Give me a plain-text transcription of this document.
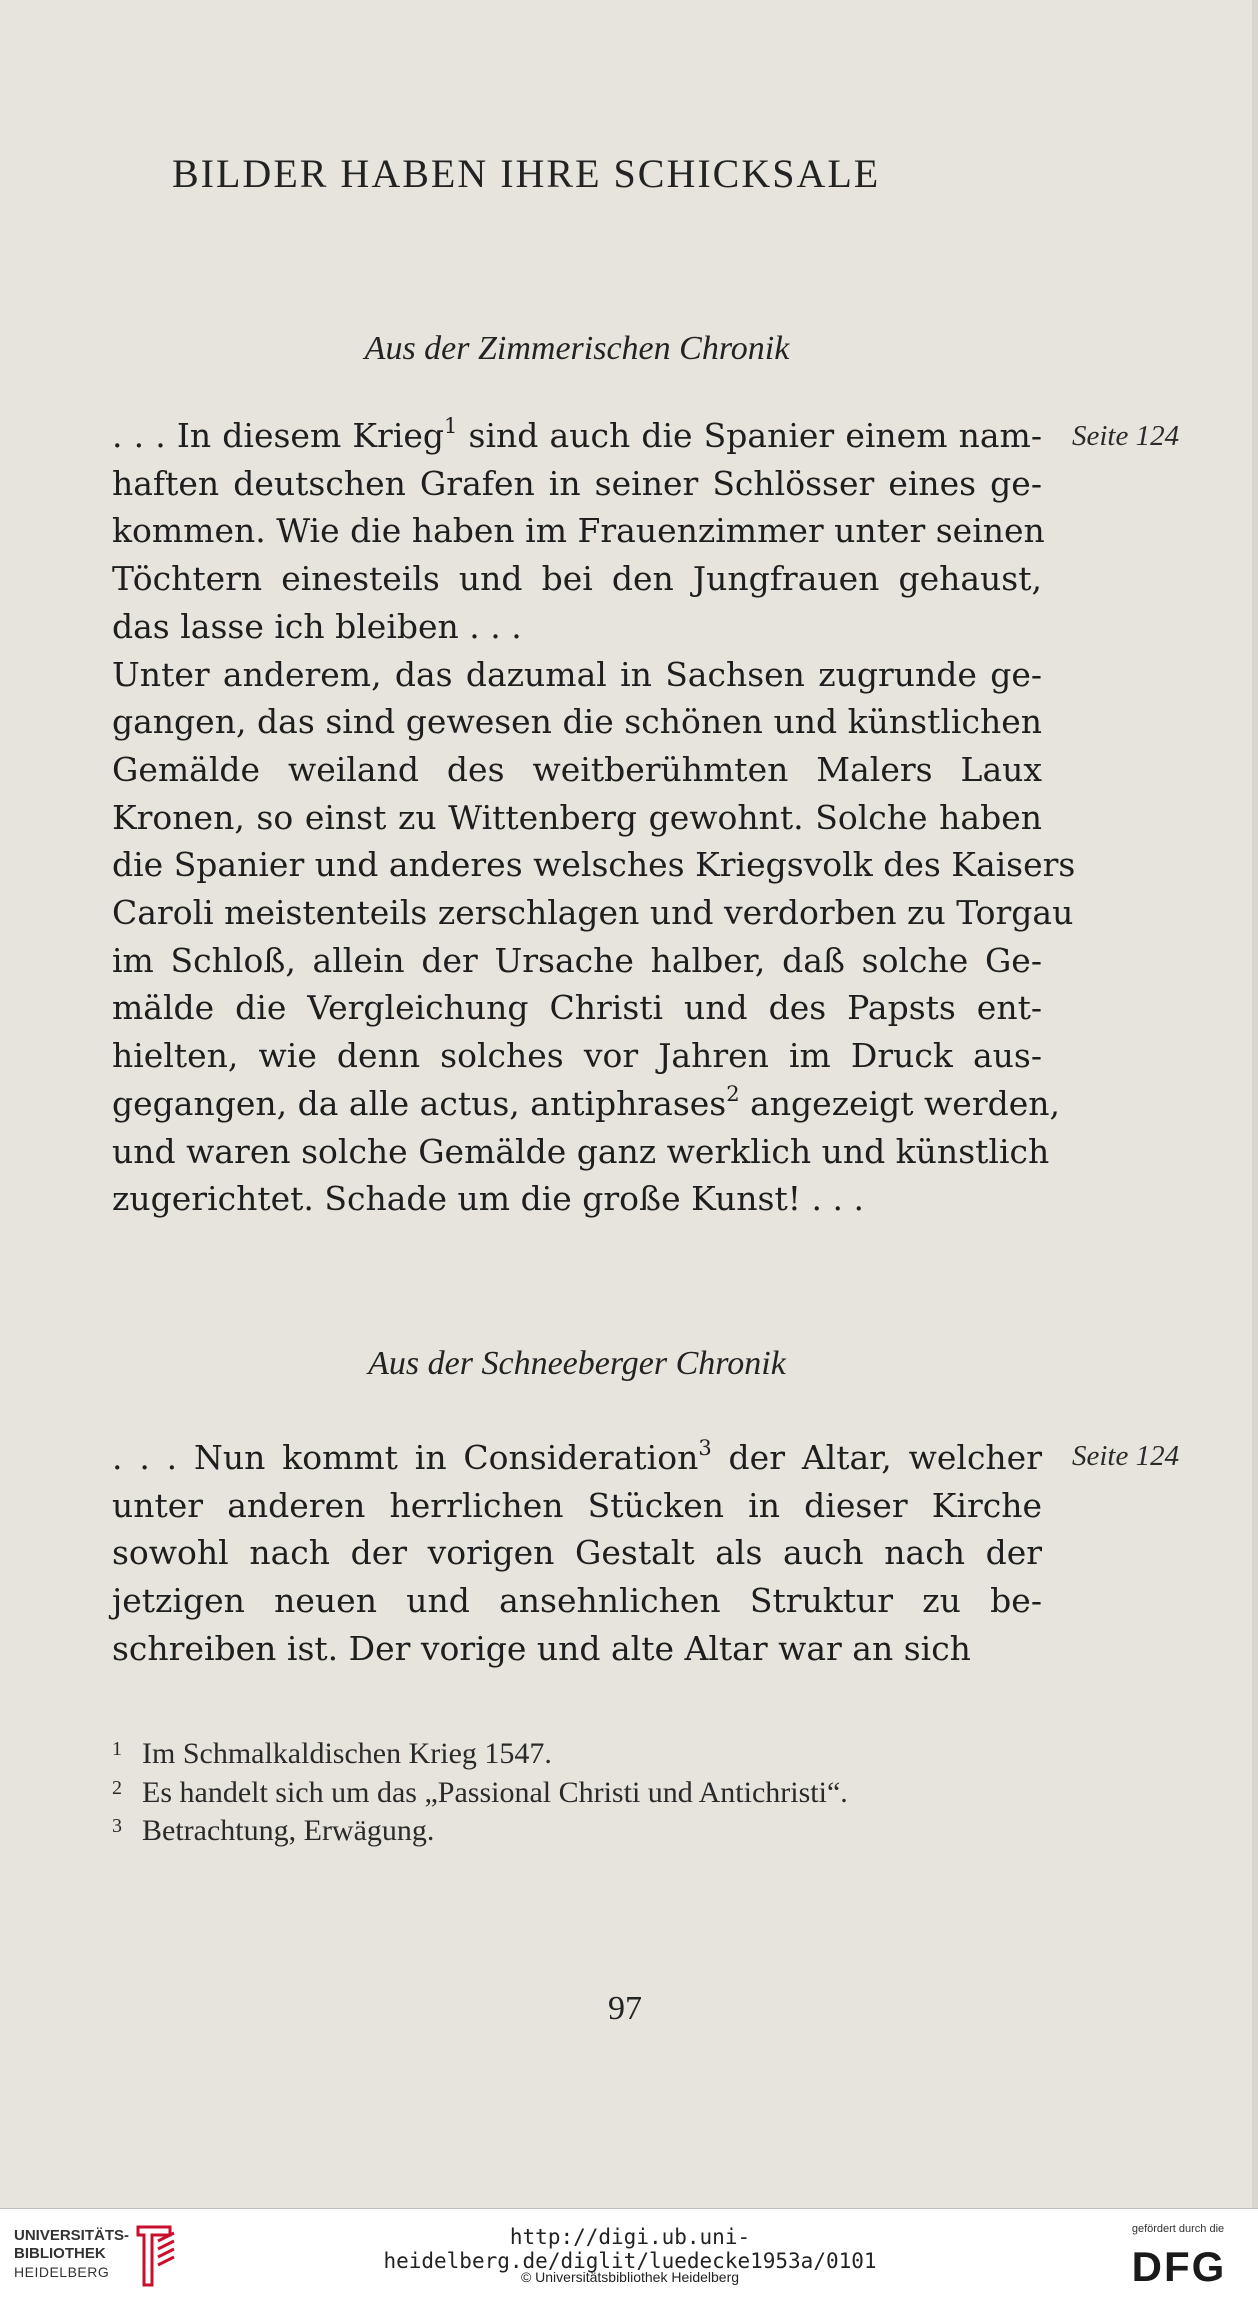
BILDER HABEN IHRE SCHICKSALE
Aus der Zimmerischen Chronik
Seite 124
. . . In diesem Krieg$^1$ sind auch die Spanier einem nam-
haften deutschen Grafen in seiner Schlösser eines ge-
kommen. Wie die haben im Frauenzimmer unter seinen
Töchtern einesteils und bei den Jungfrauen gehaust,
das lasse ich bleiben . . .
Unter anderem, das dazumal in Sachsen zugrunde ge-
gangen, das sind gewesen die schönen und künstlichen
Gemälde weiland des weitberühmten Malers Laux
Kronen, so einst zu Wittenberg gewohnt. Solche haben
die Spanier und anderes welsches Kriegsvolk des Kaisers
Caroli meistenteils zerschlagen und verdorben zu Torgau
im Schloß, allein der Ursache halber, daß solche Ge-
mälde die Vergleichung Christi und des Papsts ent-
hielten, wie denn solches vor Jahren im Druck aus-
gegangen, da alle actus, antiphrases$^2$ angezeigt werden,
und waren solche Gemälde ganz werklich und künstlich
zugerichtet. Schade um die große Kunst! . . .
Aus der Schneeberger Chronik
Seite 124
. . . Nun kommt in Consideration$^3$ der Altar, welcher
unter anderen herrlichen Stücken in dieser Kirche
sowohl nach der vorigen Gestalt als auch nach der
jetzigen neuen und ansehnlichen Struktur zu be-
schreiben ist. Der vorige und alte Altar war an sich
1 Im Schmalkaldischen Krieg 1547.
2 Es handelt sich um das „Passional Christi und Antichristi“.
3 Betrachtung, Erwägung.
97
UNIVERSITÄTS-
BIBLIOTHEK
HEIDELBERG
http://digi.ub.uni-heidelberg.de/diglit/luedecke1953a/0101
© Universitätsbibliothek Heidelberg
gefördert durch die
DFG
